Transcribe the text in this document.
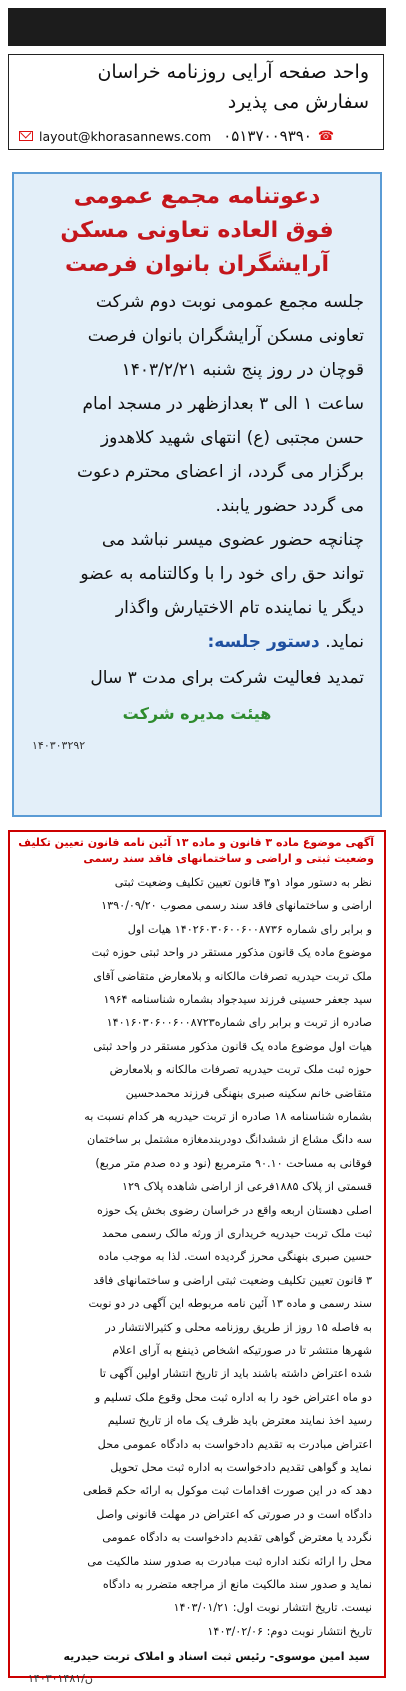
واحد صفحه آرایی روزنامه خراسان
سفارش می پذیرد
layout@khorasannews.com ۰۵۱۳۷۰۰۹۳۹۰ ☎
دعوتنامه مجمع عمومی
فوق العاده تعاونی مسکن
آرایشگران بانوان فرصت
جلسه مجمع عمومی نوبت دوم شرکت
تعاونی مسکن آرایشگران بانوان فرصت
قوچان در روز پنج شنبه ۱۴۰۳/۲/۲۱
ساعت ۱ الی ۳ بعدازظهر در مسجد امام
حسن مجتبی (ع) انتهای شهید کلاهدوز
برگزار می گردد، از اعضای محترم دعوت
می گردد حضور یابند.
چنانچه حضور عضوی میسر نباشد می
تواند حق رای خود را با وکالتنامه به عضو
دیگر یا نماینده تام الاختیارش واگذار
نماید. دستور جلسه:
تمدید فعالیت شرکت برای مدت ۳ سال
هیئت مدیره شرکت
۱۴۰۳۰۳۲۹۲
آگهی موضوع ماده ۳ قانون و ماده ۱۳ آئین نامه قانون تعیین تکلیف
وضعیت ثبتی و اراضی و ساختمانهای فاقد سند رسمی
نظر به دستور مواد ۱و۳ قانون تعیین تکلیف وضعیت ثبتی
اراضی و ساختمانهای فاقد سند رسمی مصوب ۱۳۹۰/۰۹/۲۰
و برابر رای شماره ۱۴۰۲۶۰۳۰۶۰۰۶۰۰۸۷۳۶ هیات اول
موضوع ماده یک قانون مذکور مستقر در واحد ثبتی حوزه ثبت
ملک تربت حیدریه تصرفات مالکانه و بلامعارض متقاضی آقای
سید جعفر حسینی فرزند سیدجواد بشماره شناسنامه ۱۹۶۴
صادره از تربت و برابر رای شماره۱۴۰۱۶۰۳۰۶۰۰۶۰۰۸۷۲۳
هیات اول موضوع ماده یک قانون مذکور مستقر در واحد ثبتی
حوزه ثبت ملک تربت حیدریه تصرفات مالکانه و بلامعارض
متقاضی خانم سکینه صبری بنهنگی فرزند محمدحسین
بشماره شناسنامه ۱۸ صادره از تربت حیدریه هر کدام نسبت به
سه دانگ مشاع از ششدانگ دودربندمغازه مشتمل بر ساختمان
فوقانی به مساحت ۹۰.۱۰ مترمربع (نود و ده صدم متر مربع)
قسمتی از پلاک ۱۸۸۵فرعی از اراضی شاهده پلاک ۱۲۹
اصلی دهستان اربعه واقع در خراسان رضوی بخش یک حوزه
ثبت ملک تربت حیدریه خریداری از ورثه مالک رسمی محمد
حسین صبری بنهنگی محرز گردیده است. لذا به موجب ماده
۳ قانون تعیین تکلیف وضعیت ثبتی اراضی و ساختمانهای فاقد
سند رسمی و ماده ۱۳ آئین نامه مربوطه این آگهی در دو نوبت
به فاصله ۱۵ روز از طریق روزنامه محلی و کثیرالانتشار در
شهرها منتشر تا در صورتیکه اشخاص ذینفع به آرای اعلام
شده اعتراض داشته باشند باید از تاریخ انتشار اولین آگهی تا
دو ماه اعتراض خود را به اداره ثبت محل وقوع ملک تسلیم و
رسید اخذ نمایند معترض باید ظرف یک ماه از تاریخ تسلیم
اعتراض مبادرت به تقدیم دادخواست به دادگاه عمومی محل
نماید و گواهی تقدیم دادخواست به اداره ثبت محل تحویل
دهد که در این صورت اقدامات ثبت موکول به ارائه حکم قطعی
دادگاه است و در صورتی که اعتراض در مهلت قانونی واصل
نگردد یا معترض گواهی تقدیم دادخواست به دادگاه عمومی
محل را ارائه نکند اداره ثبت مبادرت به صدور سند مالکیت می
نماید و صدور سند مالکیت مانع از مراجعه متضرر به دادگاه
نیست. تاریخ انتشار نوبت اول: ۱۴۰۳/۰۱/۲۱
تاریخ انتشار نوبت دوم: ۱۴۰۳/۰۲/۰۶
سید امین موسوی- رئیس ثبت اسناد و املاک تربت حیدریه
۱۴۰۳۰۱۴۸۱/ن
